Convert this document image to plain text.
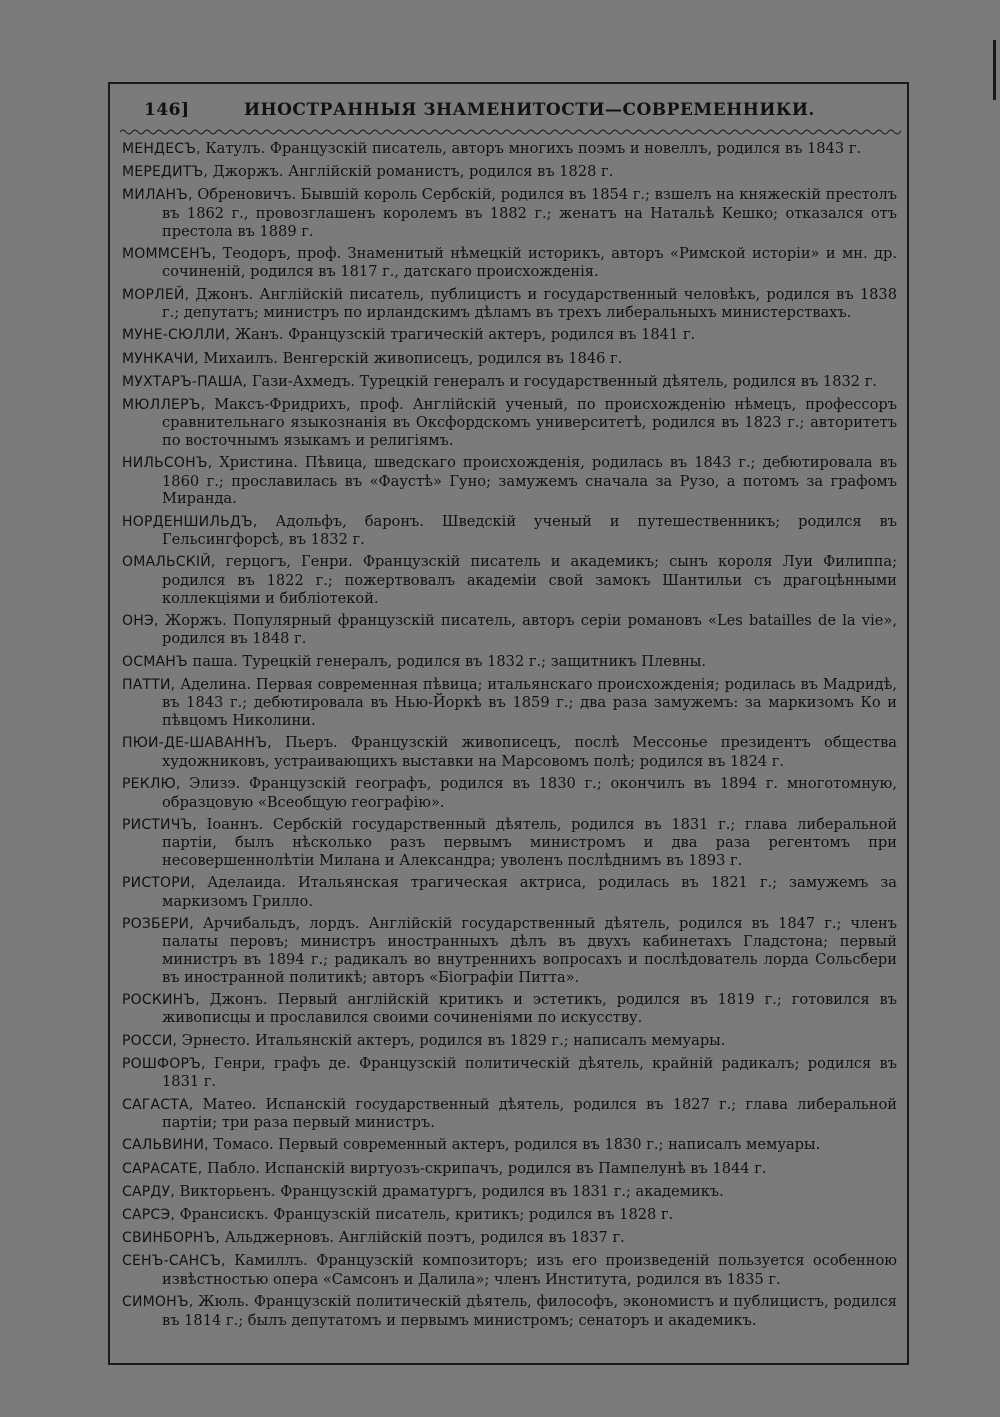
146]	ИНОСТРАННЫЯ ЗНАМЕНИТОСТИ—СОВРЕМЕННИКИ.
МЕНДЕСЪ, Катулъ. Французскій писатель, авторъ многихъ поэмъ и новеллъ, родился въ 1843 г.
МЕРЕДИТЪ, Джоржъ. Англійскій романистъ, родился въ 1828 г.
МИЛАНЪ, Обреновичъ. Бывшій король Сербскій, родился въ 1854 г.; взшелъ на княжескій престолъ въ 1862 г., провозглашенъ королемъ въ 1882 г.; женатъ на Натальѣ Кешко; отказался отъ престола въ 1889 г.
МОММСЕНЪ, Теодоръ, проф. Знаменитый нѣмецкій историкъ, авторъ «Римской исторіи» и мн. др. сочиненій, родился въ 1817 г., датскаго происхожденія.
МОРЛЕЙ, Джонъ. Англійскій писатель, публицистъ и государственный человѣкъ, родился въ 1838 г.; депутатъ; министръ по ирландскимъ дѣламъ въ трехъ либеральныхъ министерствахъ.
МУНЕ-СЮЛЛИ, Жанъ. Французскій трагическій актеръ, родился въ 1841 г.
МУНКАЧИ, Михаилъ. Венгерскій живописецъ, родился въ 1846 г.
МУХТАРЪ-ПАША, Гази-Ахмедъ. Турецкій генералъ и государственный дѣятель, родился въ 1832 г.
МЮЛЛЕРЪ, Максъ-Фридрихъ, проф. Англійскій ученый, по происхожденію нѣмецъ, профессоръ сравнительнаго языкознанія въ Оксфордскомъ университетѣ, родился въ 1823 г.; авторитетъ по восточнымъ языкамъ и религіямъ.
НИЛЬСОНЪ, Христина. Пѣвица, шведскаго происхожденія, родилась въ 1843 г.; дебютировала въ 1860 г.; прославилась въ «Фаустѣ» Гуно; замужемъ сначала за Рузо, а потомъ за графомъ Миранда.
НОРДЕНШИЛЬДЪ, Адольфъ, баронъ. Шведскій ученый и путешественникъ; родился въ Гельсингфорсѣ, въ 1832 г.
ОМАЛЬСКІЙ, герцогъ, Генри. Французскій писатель и академикъ; сынъ короля Луи Филиппа; родился въ 1822 г.; пожертвовалъ академіи свой замокъ Шантильи съ драгоцѣнными коллекціями и библіотекой.
ОНЭ, Жоржъ. Популярный французскій писатель, авторъ серіи романовъ «Les batailles de la vie», родился въ 1848 г.
ОСМАНЪ паша. Турецкій генералъ, родился въ 1832 г.; защитникъ Плевны.
ПАТТИ, Аделина. Первая современная пѣвица; итальянскаго происхожденія; родилась въ Мадридѣ, въ 1843 г.; дебютировала въ Нью-Йоркѣ въ 1859 г.; два раза замужемъ: за маркизомъ Ко и пѣвцомъ Николини.
ПЮИ-ДЕ-ШАВАННЪ, Пьеръ. Французскій живописецъ, послѣ Мессонье президентъ общества художниковъ, устраивающихъ выставки на Марсовомъ полѣ; родился въ 1824 г.
РЕКЛЮ, Элизэ. Французскій географъ, родился въ 1830 г.; окончилъ въ 1894 г. многотомную, образцовую «Всеобщую географію».
РИСТИЧЪ, Іоаннъ. Сербскій государственный дѣятель, родился въ 1831 г.; глава либеральной партіи, былъ нѣсколько разъ первымъ министромъ и два раза регентомъ при несовершеннолѣтіи Милана и Александра; уволенъ послѣднимъ въ 1893 г.
РИСТОРИ, Аделаида. Итальянская трагическая актриса, родилась въ 1821 г.; замужемъ за маркизомъ Грилло.
РОЗБЕРИ, Арчибальдъ, лордъ. Англійскій государственный дѣятель, родился въ 1847 г.; членъ палаты перовъ; министръ иностранныхъ дѣлъ въ двухъ кабинетахъ Гладстона; первый министръ въ 1894 г.; радикалъ во внутреннихъ вопросахъ и послѣдователь лорда Сольсбери въ иностранной политикѣ; авторъ «Біографіи Питта».
РОСКИНЪ, Джонъ. Первый англійскій критикъ и эстетикъ, родился въ 1819 г.; готовился въ живописцы и прославился своими сочиненіями по искусству.
РОССИ, Эрнесто. Итальянскій актеръ, родился въ 1829 г.; написалъ мемуары.
РОШФОРЪ, Генри, графъ де. Французскій политическій дѣятель, крайній радикалъ; родился въ 1831 г.
САГАСТА, Матео. Испанскій государственный дѣятель, родился въ 1827 г.; глава либеральной партіи; три раза первый министръ.
САЛЬВИНИ, Томасо. Первый современный актеръ, родился въ 1830 г.; написалъ мемуары.
САРАСАТЕ, Пабло. Испанскій виртуозъ-скрипачъ, родился въ Пампелунѣ въ 1844 г.
САРДУ, Викторьенъ. Французскій драматургъ, родился въ 1831 г.; академикъ.
САРСЭ, Франсискъ. Французскій писатель, критикъ; родился въ 1828 г.
СВИНБОРНЪ, Альджерновъ. Англійскій поэтъ, родился въ 1837 г.
СЕНЪ-САНСЪ, Камиллъ. Французскій композиторъ; изъ его произведеній пользуется особенною извѣстностью опера «Самсонъ и Далила»; членъ Института, родился въ 1835 г.
СИМОНЪ, Жюль. Французскій политическій дѣятель, философъ, экономистъ и публицистъ, родился въ 1814 г.; былъ депутатомъ и первымъ министромъ; сенаторъ и академикъ.
